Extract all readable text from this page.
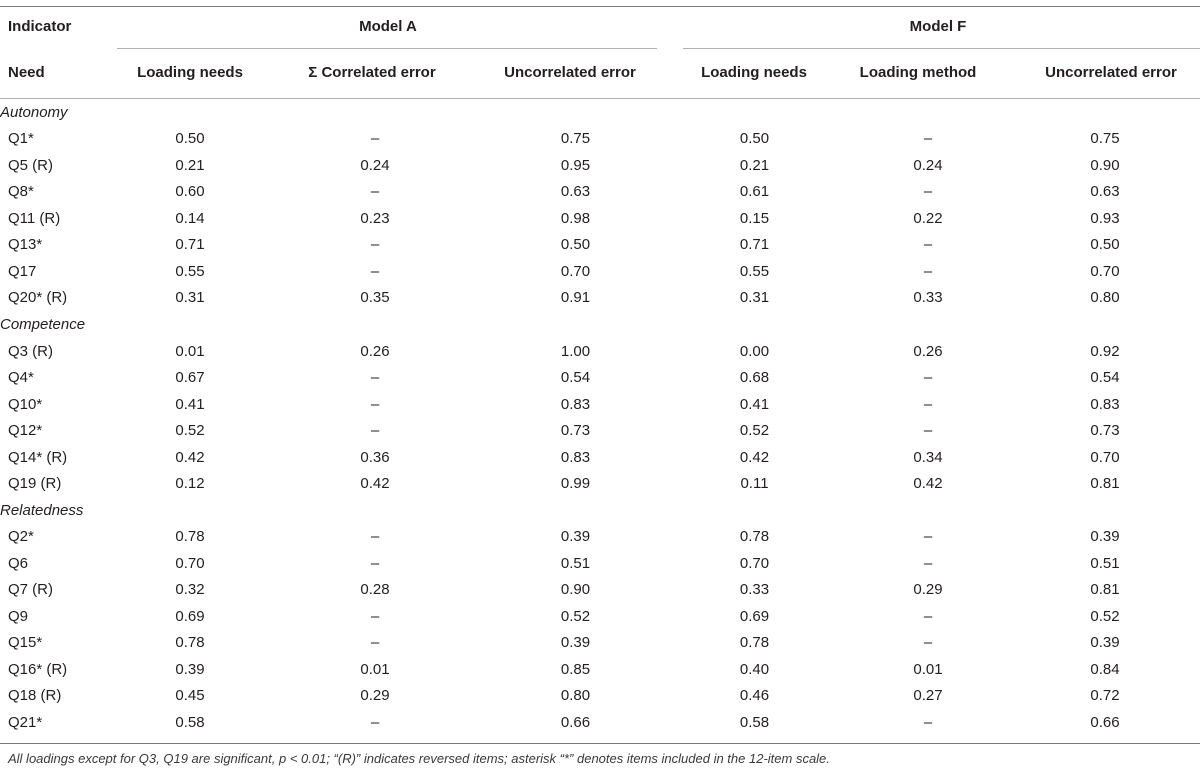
Indicator	Model A	Model F
Need	Loading needs	Σ Correlated error	Uncorrelated error	Loading needs	Loading method	Uncorrelated error
Autonomy						
Q1*	0.50	–	0.75	0.50	–	0.75
Q5 (R)	0.21	0.24	0.95	0.21	0.24	0.90
Q8*	0.60	–	0.63	0.61	–	0.63
Q11 (R)	0.14	0.23	0.98	0.15	0.22	0.93
Q13*	0.71	–	0.50	0.71	–	0.50
Q17	0.55	–	0.70	0.55	–	0.70
Q20* (R)	0.31	0.35	0.91	0.31	0.33	0.80
Competence						
Q3 (R)	0.01	0.26	1.00	0.00	0.26	0.92
Q4*	0.67	–	0.54	0.68	–	0.54
Q10*	0.41	–	0.83	0.41	–	0.83
Q12*	0.52	–	0.73	0.52	–	0.73
Q14* (R)	0.42	0.36	0.83	0.42	0.34	0.70
Q19 (R)	0.12	0.42	0.99	0.11	0.42	0.81
Relatedness						
Q2*	0.78	–	0.39	0.78	–	0.39
Q6	0.70	–	0.51	0.70	–	0.51
Q7 (R)	0.32	0.28	0.90	0.33	0.29	0.81
Q9	0.69	–	0.52	0.69	–	0.52
Q15*	0.78	–	0.39	0.78	–	0.39
Q16* (R)	0.39	0.01	0.85	0.40	0.01	0.84
Q18 (R)	0.45	0.29	0.80	0.46	0.27	0.72
Q21*	0.58	–	0.66	0.58	–	0.66
All loadings except for Q3, Q19 are significant, p < 0.01; “(R)” indicates reversed items; asterisk “*” denotes items included in the 12-item scale.
